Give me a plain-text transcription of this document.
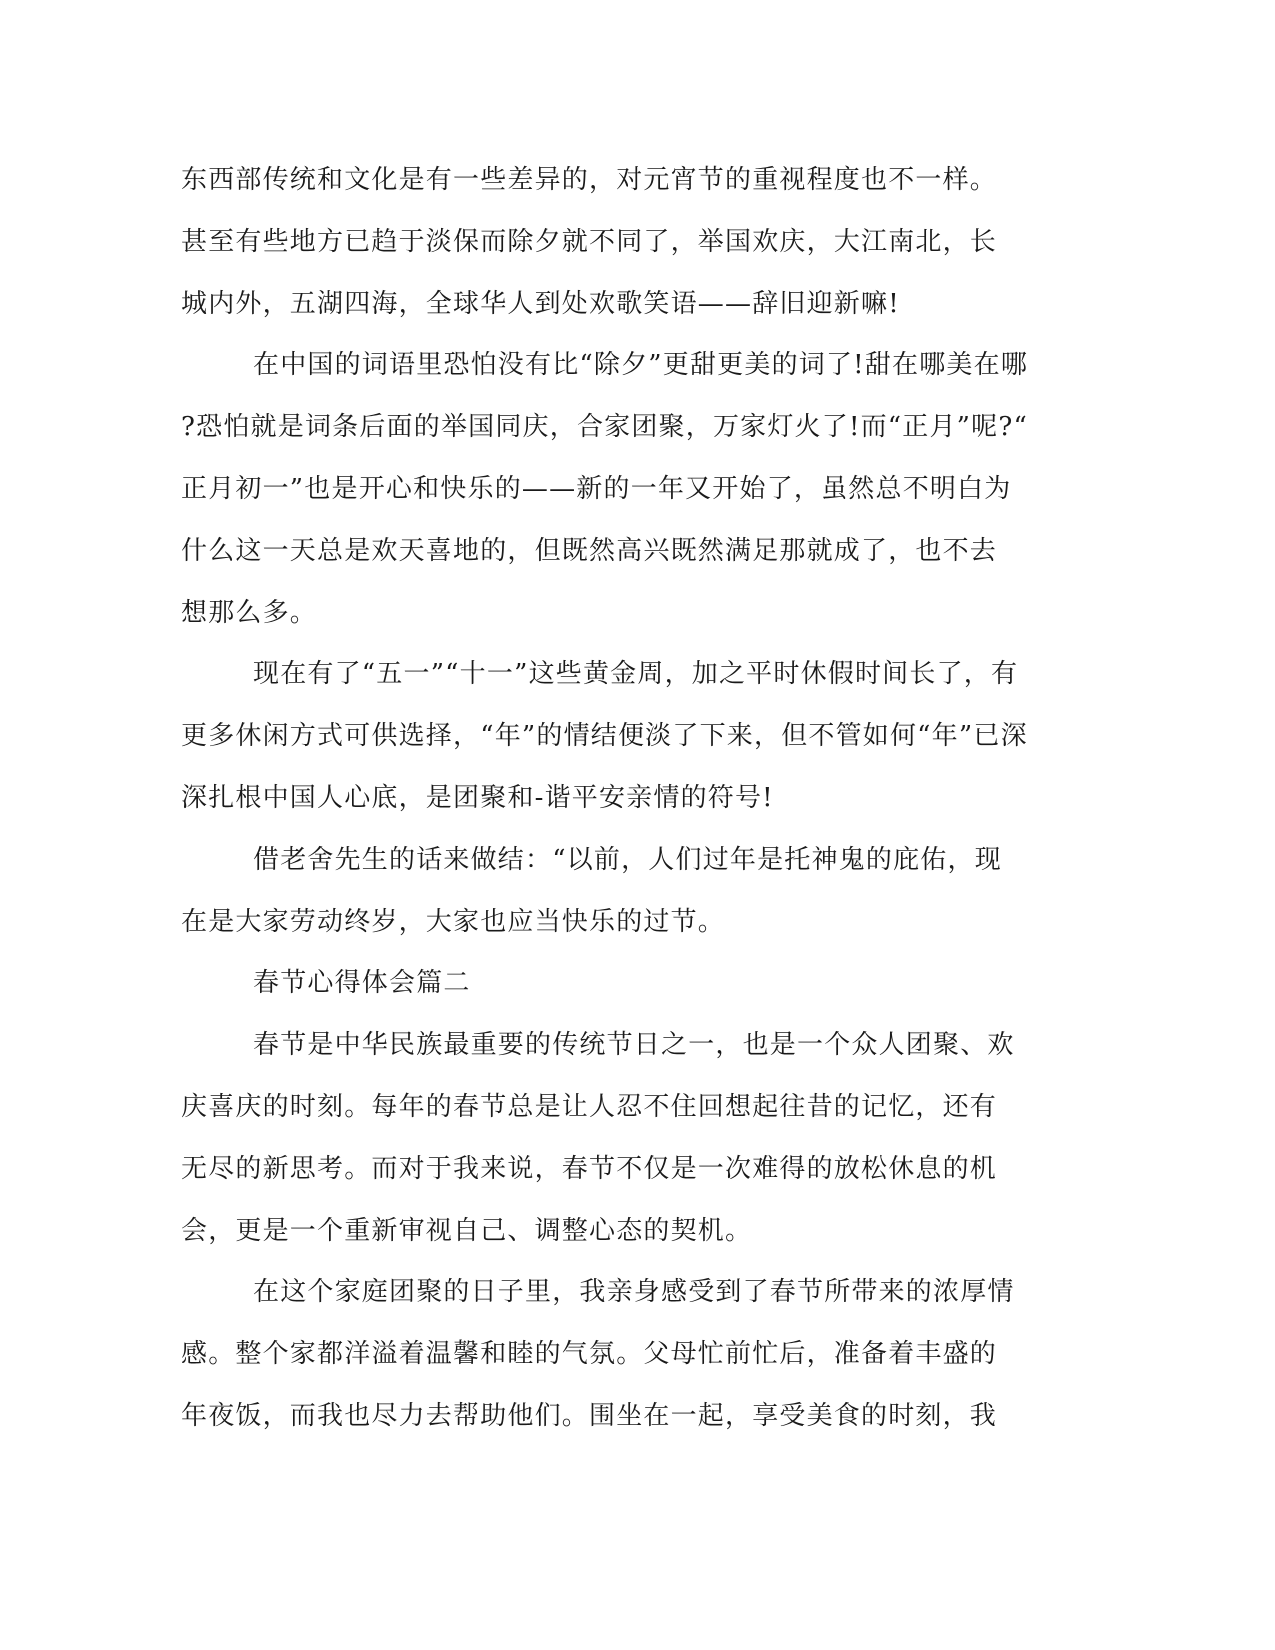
东西部传统和文化是有一些差异的，对元宵节的重视程度也不一样。
甚至有些地方已趋于淡保而除夕就不同了，举国欢庆，大江南北，长
城内外，五湖四海，全球华人到处欢歌笑语——辞旧迎新嘛!
在中国的词语里恐怕没有比“除夕”更甜更美的词了!甜在哪美在哪
?恐怕就是词条后面的举国同庆，合家团聚，万家灯火了!而“正月”呢?“
正月初一”也是开心和快乐的——新的一年又开始了，虽然总不明白为
什么这一天总是欢天喜地的，但既然高兴既然满足那就成了，也不去
想那么多。
现在有了“五一”“十一”这些黄金周，加之平时休假时间长了，有
更多休闲方式可供选择，“年”的情结便淡了下来，但不管如何“年”已深
深扎根中国人心底，是团聚和-谐平安亲情的符号!
借老舍先生的话来做结：“以前，人们过年是托神鬼的庇佑，现
在是大家劳动终岁，大家也应当快乐的过节。
春节心得体会篇二
春节是中华民族最重要的传统节日之一，也是一个众人团聚、欢
庆喜庆的时刻。每年的春节总是让人忍不住回想起往昔的记忆，还有
无尽的新思考。而对于我来说，春节不仅是一次难得的放松休息的机
会，更是一个重新审视自己、调整心态的契机。
在这个家庭团聚的日子里，我亲身感受到了春节所带来的浓厚情
感。整个家都洋溢着温馨和睦的气氛。父母忙前忙后，准备着丰盛的
年夜饭，而我也尽力去帮助他们。围坐在一起，享受美食的时刻，我
